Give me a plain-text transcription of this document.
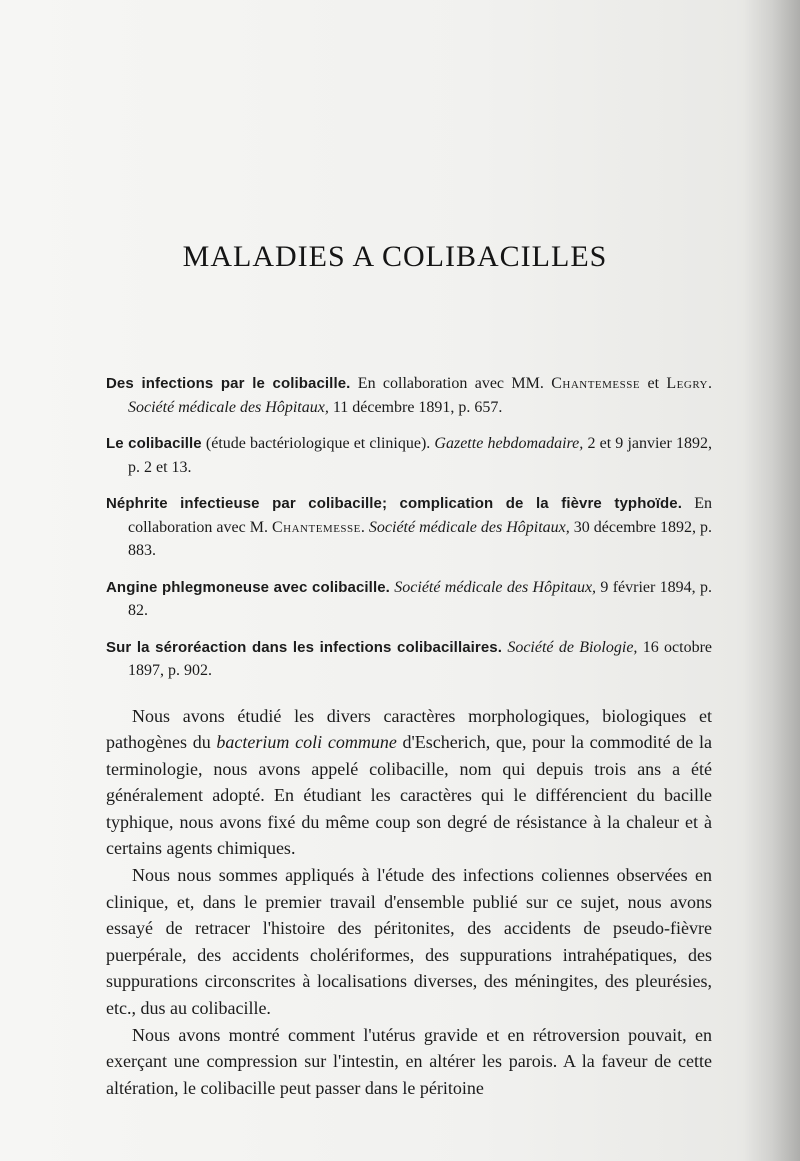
MALADIES A COLIBACILLES

Des infections par le colibacille. En collaboration avec MM. Chantemesse et Legry. Société médicale des Hôpitaux, 11 décembre 1891, p. 657.

Le colibacille (étude bactériologique et clinique). Gazette hebdomadaire, 2 et 9 janvier 1892, p. 2 et 13.

Néphrite infectieuse par colibacille; complication de la fièvre typhoïde. En collaboration avec M. Chantemesse. Société médicale des Hôpitaux, 30 décembre 1892, p. 883.

Angine phlegmoneuse avec colibacille. Société médicale des Hôpitaux, 9 février 1894, p. 82.

Sur la séroréaction dans les infections colibacillaires. Société de Biologie, 16 octobre 1897, p. 902.

Nous avons étudié les divers caractères morphologiques, biologiques et pathogènes du bacterium coli commune d'Escherich, que, pour la commodité de la terminologie, nous avons appelé colibacille, nom qui depuis trois ans a été généralement adopté. En étudiant les caractères qui le différencient du bacille typhique, nous avons fixé du même coup son degré de résistance à la chaleur et à certains agents chimiques.

Nous nous sommes appliqués à l'étude des infections coliennes observées en clinique, et, dans le premier travail d'ensemble publié sur ce sujet, nous avons essayé de retracer l'histoire des péritonites, des accidents de pseudo-fièvre puerpérale, des accidents cholériformes, des suppurations intrahépatiques, des suppurations circonscrites à localisations diverses, des méningites, des pleurésies, etc., dus au colibacille.

Nous avons montré comment l'utérus gravide et en rétroversion pouvait, en exerçant une compression sur l'intestin, en altérer les parois. A la faveur de cette altération, le colibacille peut passer dans le péritoine
